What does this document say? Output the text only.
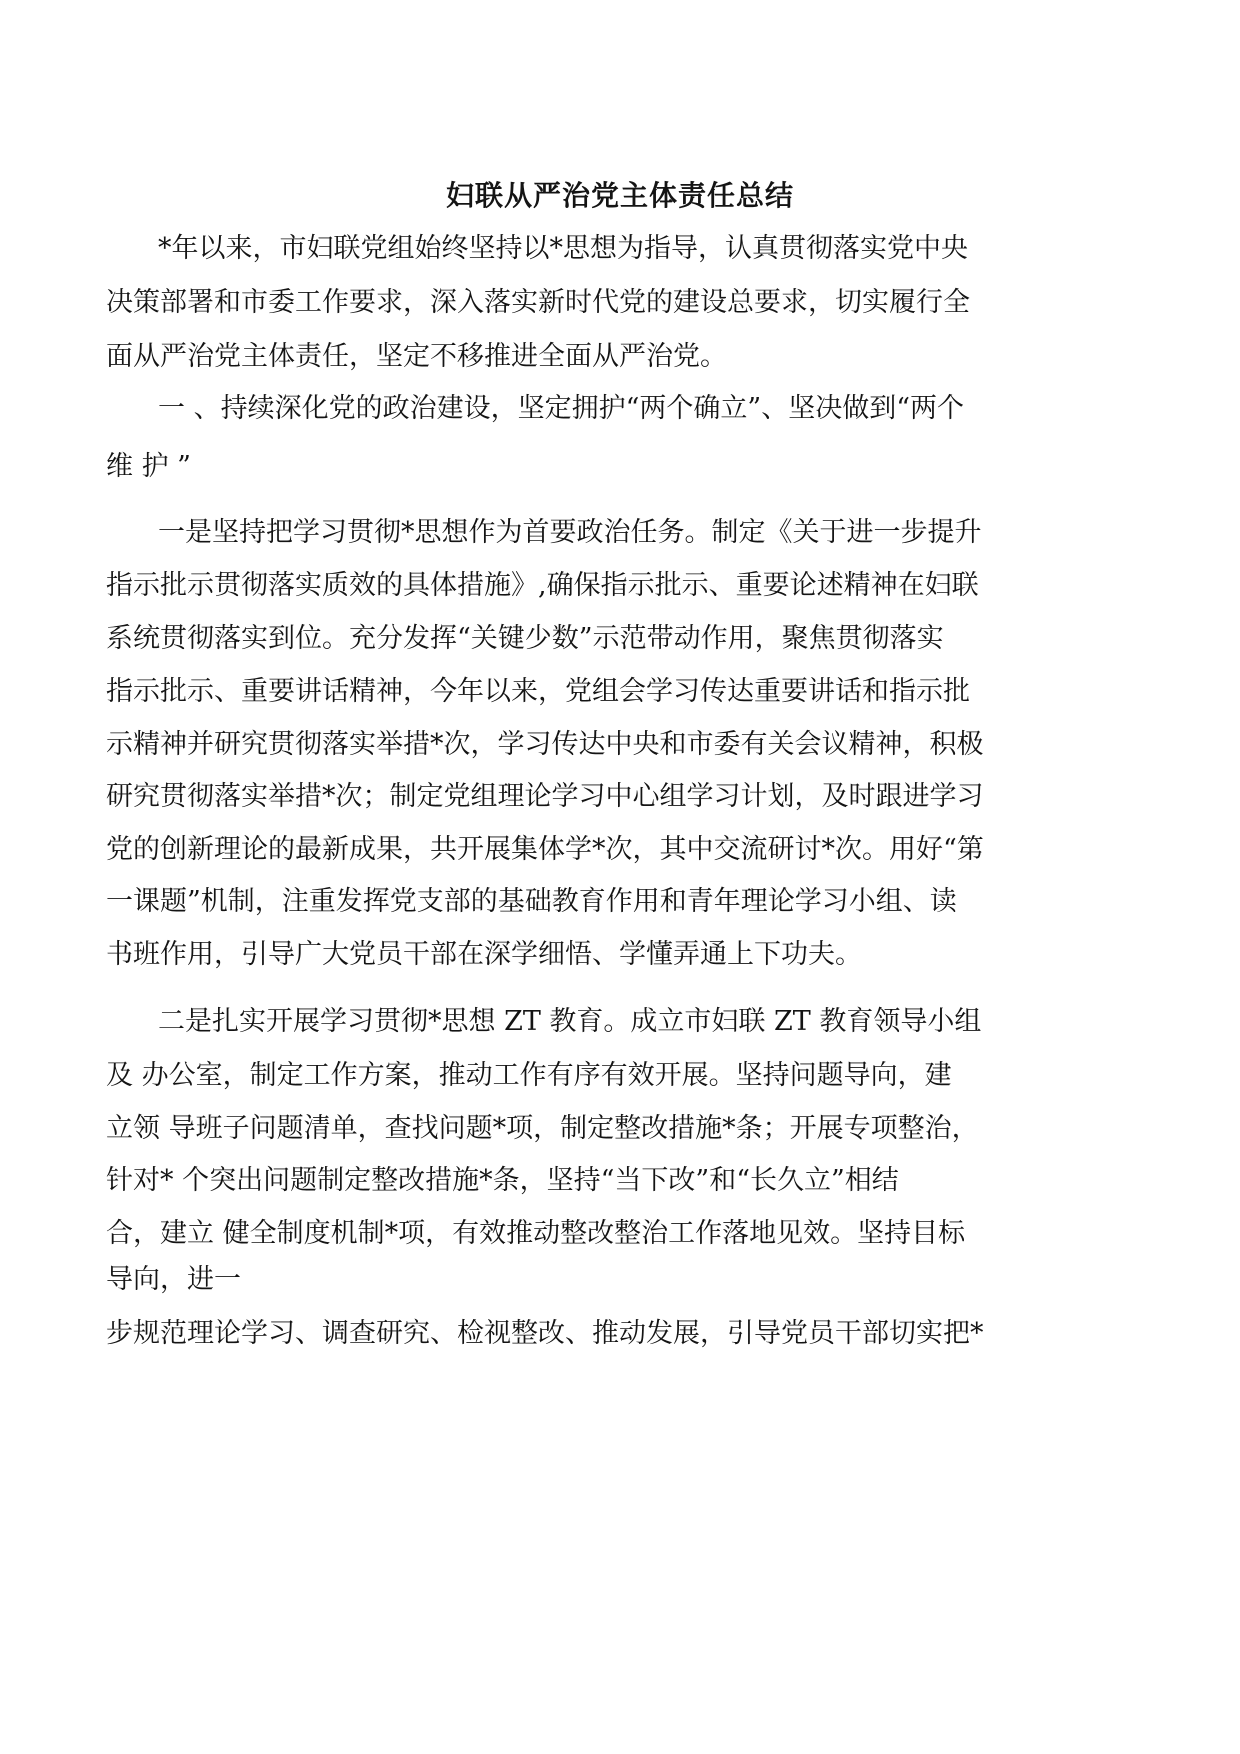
妇联从严治党主体责任总结
*年以来，市妇联党组始终坚持以*思想为指导，认真贯彻落实党中央
决策部署和市委工作要求，深入落实新时代党的建设总要求，切实履行全
面从严治党主体责任，坚定不移推进全面从严治党。
一 、持续深化党的政治建设，坚定拥护“两个确立”、坚决做到“两个
维 护 ”
一是坚持把学习贯彻*思想作为首要政治任务。制定《关于进一步提升
指示批示贯彻落实质效的具体措施》,确保指示批示、重要论述精神在妇联
系统贯彻落实到位。充分发挥“关键少数”示范带动作用，聚焦贯彻落实
指示批示、重要讲话精神，今年以来，党组会学习传达重要讲话和指示批
示精神并研究贯彻落实举措*次，学习传达中央和市委有关会议精神，积极
研究贯彻落实举措*次；制定党组理论学习中心组学习计划，及时跟进学习
党的创新理论的最新成果，共开展集体学*次，其中交流研讨*次。用好“第
一课题”机制，注重发挥党支部的基础教育作用和青年理论学习小组、读
书班作用，引导广大党员干部在深学细悟、学懂弄通上下功夫。
二是扎实开展学习贯彻*思想 ZT 教育。成立市妇联 ZT 教育领导小组
及 办公室，制定工作方案，推动工作有序有效开展。坚持问题导向，建
立领 导班子问题清单，查找问题*项，制定整改措施*条；开展专项整治，
针对* 个突出问题制定整改措施*条，坚持“当下改”和“长久立”相结
合，建立 健全制度机制*项，有效推动整改整治工作落地见效。坚持目标
导向，进一
步规范理论学习、调查研究、检视整改、推动发展，引导党员干部切实把*
